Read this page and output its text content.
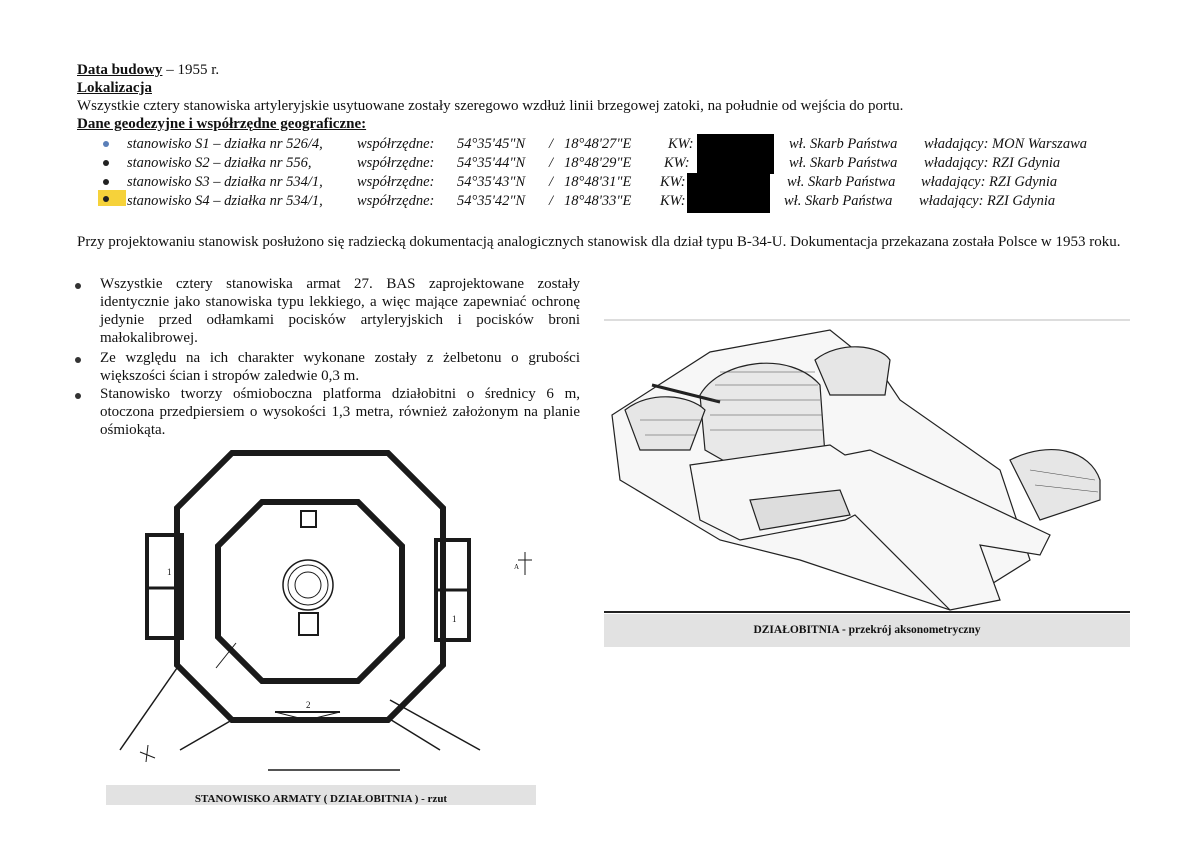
Data budowy – 1955 r.
Lokalizacja
Wszystkie cztery stanowiska artyleryjskie usytuowane zostały szeregowo wzdłuż linii brzegowej zatoki, na południe od wejścia do portu.
Dane geodezyjne i współrzędne geograficzne:
stanowisko S1 – działka nr 526/4, współrzędne: 54°35'45"N / 18°48'27"E	KW:	wł. Skarb Państwa władający: MON Warszawa
stanowisko S2 – działka nr 556,	współrzędne: 54°35'44"N / 18°48'29"E KW:	wł. Skarb Państwa władający: RZI Gdynia
stanowisko S3 – działka nr 534/1, współrzędne: 54°35'43"N / 18°48'31"E KW:	wł. Skarb Państwa władający: RZI Gdynia
stanowisko S4 – działka nr 534/1, współrzędne: 54°35'42"N / 18°48'33"E KW:	wł. Skarb Państwa władający: RZI Gdynia
Przy projektowaniu stanowisk posłużono się radziecką dokumentacją analogicznych stanowisk dla dział typu B-34-U. Dokumentacja przekazana została Polsce w 1953 roku.
Wszystkie cztery stanowiska armat 27. BAS zaprojektowane zostały identycznie jako stanowiska typu lekkiego, a więc mające zapewniać ochronę jedynie przed odłamkami pocisków artyleryjskich i pocisków broni małokalibrowej.
Ze względu na ich charakter wykonane zostały z żelbetonu o grubości większości ścian i stropów zaledwie 0,3 m.
Stanowisko tworzy ośmioboczna platforma działobitni o średnicy 6 m, otoczona przedpiersiem o wysokości 1,3 metra, również założonym na planie ośmiokąta.
1
1
2
A
STANOWISKO ARMATY ( DZIAŁOBITNIA ) - rzut
DZIAŁOBITNIA - przekrój aksonometryczny
